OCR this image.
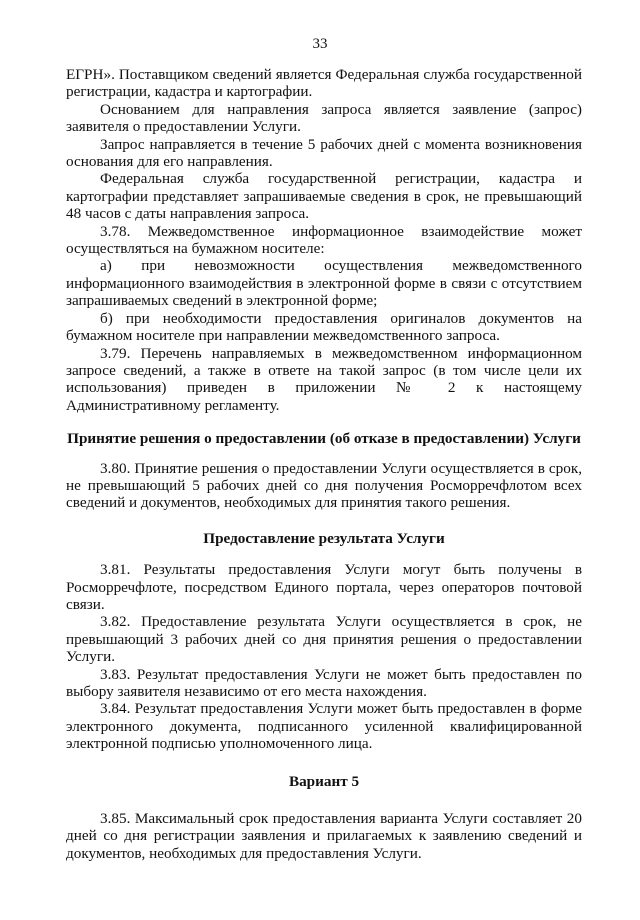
33

ЕГРН». Поставщиком сведений является Федеральная служба государственной регистрации, кадастра и картографии.

Основанием для направления запроса является заявление (запрос) заявителя о предоставлении Услуги.

Запрос направляется в течение 5 рабочих дней с момента возникновения основания для его направления.

Федеральная служба государственной регистрации, кадастра и картографии представляет запрашиваемые сведения в срок, не превышающий 48 часов с даты направления запроса.

3.78. Межведомственное информационное взаимодействие может осуществляться на бумажном носителе:

а) при невозможности осуществления межведомственного информационного взаимодействия в электронной форме в связи с отсутствием запрашиваемых сведений в электронной форме;

б) при необходимости предоставления оригиналов документов на бумажном носителе при направлении межведомственного запроса.

3.79. Перечень направляемых в межведомственном информационном запросе сведений, а также в ответе на такой запрос (в том числе цели их использования) приведен в приложении № 2 к настоящему Административному регламенту.

Принятие решения о предоставлении (об отказе в предоставлении) Услуги

3.80. Принятие решения о предоставлении Услуги осуществляется в срок, не превышающий 5 рабочих дней со дня получения Росморречфлотом всех сведений и документов, необходимых для принятия такого решения.

Предоставление результата Услуги

3.81. Результаты предоставления Услуги могут быть получены в Росморречфлоте, посредством Единого портала, через операторов почтовой связи.

3.82. Предоставление результата Услуги осуществляется в срок, не превышающий 3 рабочих дней со дня принятия решения о предоставлении Услуги.

3.83. Результат предоставления Услуги не может быть предоставлен по выбору заявителя независимо от его места нахождения.

3.84. Результат предоставления Услуги может быть предоставлен в форме электронного документа, подписанного усиленной квалифицированной электронной подписью уполномоченного лица.

Вариант 5

3.85. Максимальный срок предоставления варианта Услуги составляет 20 дней со дня регистрации заявления и прилагаемых к заявлению сведений и документов, необходимых для предоставления Услуги.
